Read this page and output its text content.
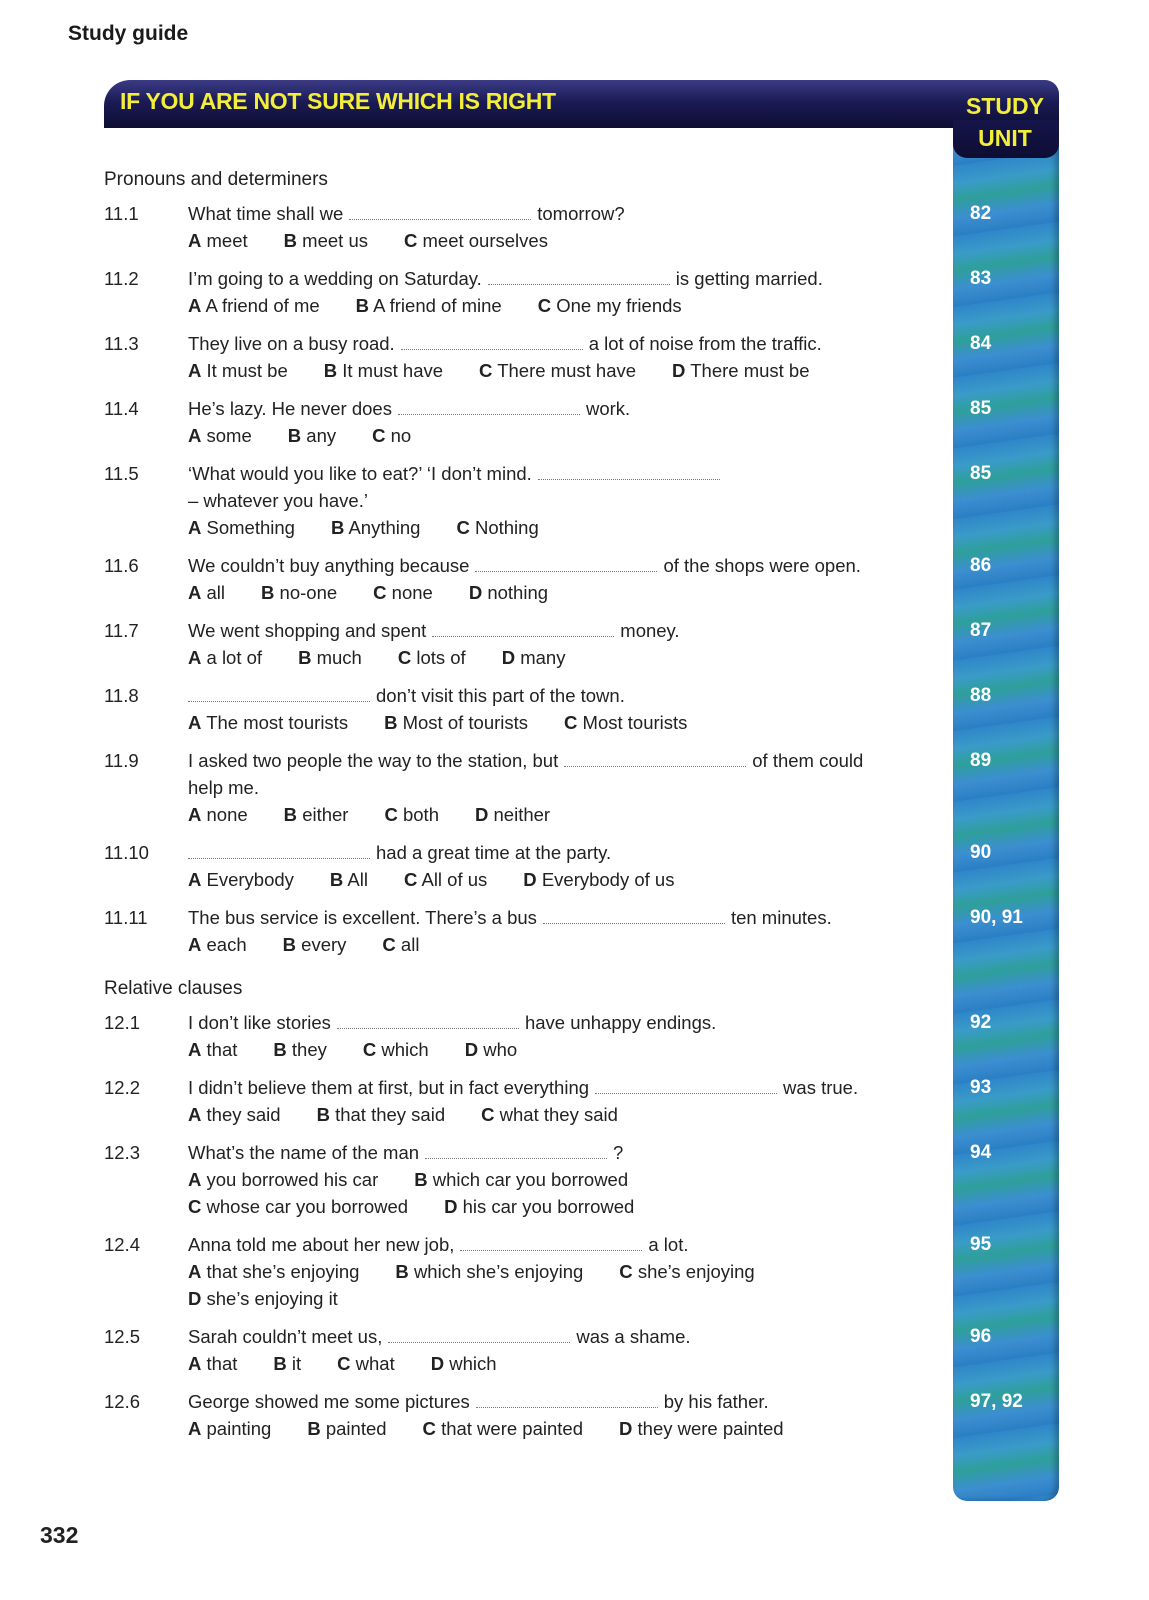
Study guide
IF YOU ARE NOT SURE WHICH IS RIGHT	STUDY
UNIT
Pronouns and determiners
11.1	82
What time shall we	tomorrow?
A meet B meet us C meet ourselves
11.2	83
I’m going to a wedding on Saturday.	is getting married.
A A friend of me B A friend of mine C One my friends
11.3	84
They live on a busy road.	a lot of noise from the traffic.
A It must be B It must have C There must have D There must be
11.4	85
He’s lazy. He never does	work.
A some B any C no
11.5	85
‘What would you like to eat?’ ‘I don’t mind.
– whatever you have.’
A Something B Anything C Nothing
11.6	86
We couldn’t buy anything because	of the shops were open.
A all B no-one C none D nothing
11.7	87
We went shopping and spent	money.
A a lot of B much C lots of D many
11.8	88
don’t visit this part of the town.
A The most tourists B Most of tourists C Most tourists
11.9	89
I asked two people the way to the station, but	of them could
help me.
A none B either C both D neither
11.10	90
had a great time at the party.
A Everybody B All C All of us D Everybody of us
11.11	90, 91
The bus service is excellent. There’s a bus	ten minutes.
A each B every C all
Relative clauses
12.1	92
I don’t like stories	have unhappy endings.
A that B they C which D who
12.2	93
I didn’t believe them at first, but in fact everything	was true.
A they said B that they said C what they said
12.3	94
What’s the name of the man	?
A you borrowed his car B which car you borrowed
C whose car you borrowed D his car you borrowed
12.4	95
Anna told me about her new job,	a lot.
A that she’s enjoying B which she’s enjoying C she’s enjoying
D she’s enjoying it
12.5	96
Sarah couldn’t meet us,	was a shame.
A that B it C what D which
12.6	97, 92
George showed me some pictures	by his father.
A painting B painted C that were painted D they were painted
332
